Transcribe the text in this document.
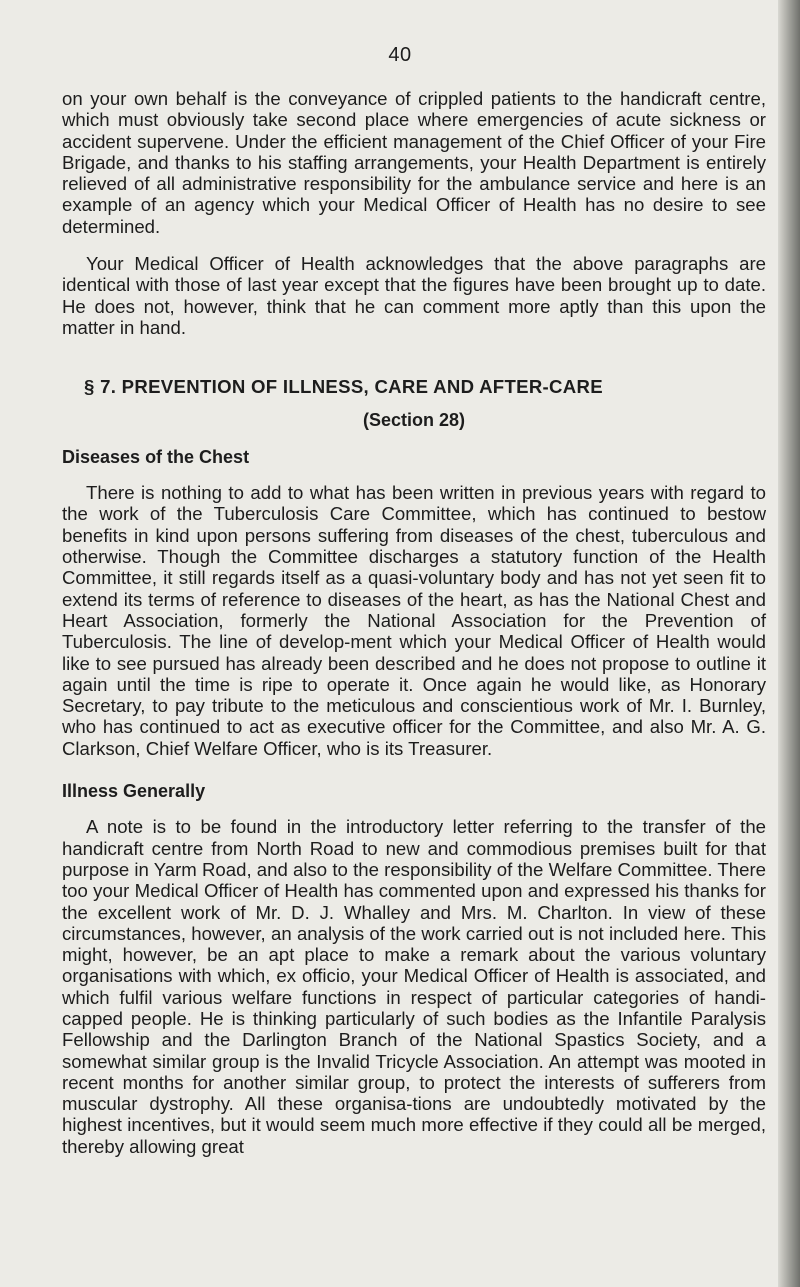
40

on your own behalf is the conveyance of crippled patients to the handicraft centre, which must obviously take second place where emergencies of acute sickness or accident supervene. Under the efficient management of the Chief Officer of your Fire Brigade, and thanks to his staffing arrangements, your Health Department is entirely relieved of all administrative responsibility for the ambulance service and here is an example of an agency which your Medical Officer of Health has no desire to see determined.

Your Medical Officer of Health acknowledges that the above paragraphs are identical with those of last year except that the figures have been brought up to date. He does not, however, think that he can comment more aptly than this upon the matter in hand.

§ 7. PREVENTION OF ILLNESS, CARE AND AFTER-CARE
(Section 28)
Diseases of the Chest

There is nothing to add to what has been written in previous years with regard to the work of the Tuberculosis Care Committee, which has continued to bestow benefits in kind upon persons suffering from diseases of the chest, tuberculous and otherwise. Though the Committee discharges a statutory function of the Health Committee, it still regards itself as a quasi-voluntary body and has not yet seen fit to extend its terms of reference to diseases of the heart, as has the National Chest and Heart Association, formerly the National Association for the Prevention of Tuberculosis. The line of develop-ment which your Medical Officer of Health would like to see pursued has already been described and he does not propose to outline it again until the time is ripe to operate it. Once again he would like, as Honorary Secretary, to pay tribute to the meticulous and conscientious work of Mr. I. Burnley, who has continued to act as executive officer for the Committee, and also Mr. A. G. Clarkson, Chief Welfare Officer, who is its Treasurer.

Illness Generally

A note is to be found in the introductory letter referring to the transfer of the handicraft centre from North Road to new and commodious premises built for that purpose in Yarm Road, and also to the responsibility of the Welfare Committee. There too your Medical Officer of Health has commented upon and expressed his thanks for the excellent work of Mr. D. J. Whalley and Mrs. M. Charlton. In view of these circumstances, however, an analysis of the work carried out is not included here. This might, however, be an apt place to make a remark about the various voluntary organisations with which, ex officio, your Medical Officer of Health is associated, and which fulfil various welfare functions in respect of particular categories of handi-capped people. He is thinking particularly of such bodies as the Infantile Paralysis Fellowship and the Darlington Branch of the National Spastics Society, and a somewhat similar group is the Invalid Tricycle Association. An attempt was mooted in recent months for another similar group, to protect the interests of sufferers from muscular dystrophy. All these organisa-tions are undoubtedly motivated by the highest incentives, but it would seem much more effective if they could all be merged, thereby allowing great
